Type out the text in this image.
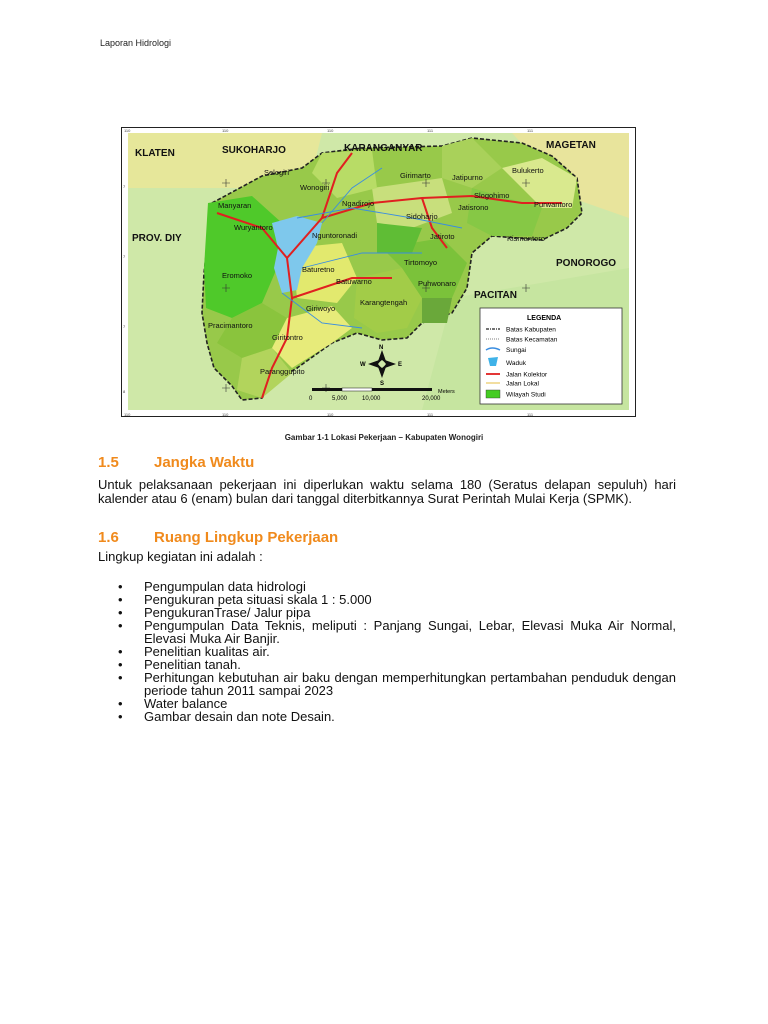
Laporan Hidrologi
110	110	110	111	111
110	110	110	111	111
7
7
7
8
KLATEN	SUKOHARJO	KARANGANYAR	MAGETAN
PROV. DIY
PONOROGO
PACITAN
Selogiri
Wonogiri
Girimarto	Jatipurno
Bulukerto
Manyaran	Ngadirojo
Slogohimo
Purwantoro
Wuryantoro
Sidoharjo
Jatisrono
Nguntoronadi	Jatiroto	Kismantoro
Eromoko
Baturetno
Tirtomoyo
Batuwarno	Puhwonaro
Karangtengah
Giriwoyo
Pracimantoro
Giritontro
Paranggupito
N
S
E
W
0	5,000 10,000	20,000
Meters
LEGENDA
Batas Kabupaten
Batas Kecamatan
Sungai
Waduk
Jalan Kolektor
Jalan Lokal
Wilayah Studi
Gambar 1-1 Lokasi Pekerjaan – Kabupaten Wonogiri
1.5 Jangka Waktu
Untuk pelaksanaan pekerjaan ini diperlukan waktu selama 180 (Seratus delapan sepuluh) hari kalender atau 6 (enam) bulan dari tanggal diterbitkannya Surat Perintah Mulai Kerja (SPMK).
1.6 Ruang Lingkup Pekerjaan
Lingkup kegiatan ini adalah :
• Pengumpulan data hidrologi
• Pengukuran peta situasi skala 1 : 5.000
• PengukuranTrase/ Jalur pipa
• Pengumpulan Data Teknis, meliputi : Panjang Sungai, Lebar, Elevasi Muka Air Normal, Elevasi Muka Air Banjir.
• Penelitian kualitas air.
• Penelitian tanah.
• Perhitungan kebutuhan air baku dengan memperhitungkan pertambahan penduduk dengan periode tahun 2011 sampai 2023
• Water balance
• Gambar desain dan note Desain.
